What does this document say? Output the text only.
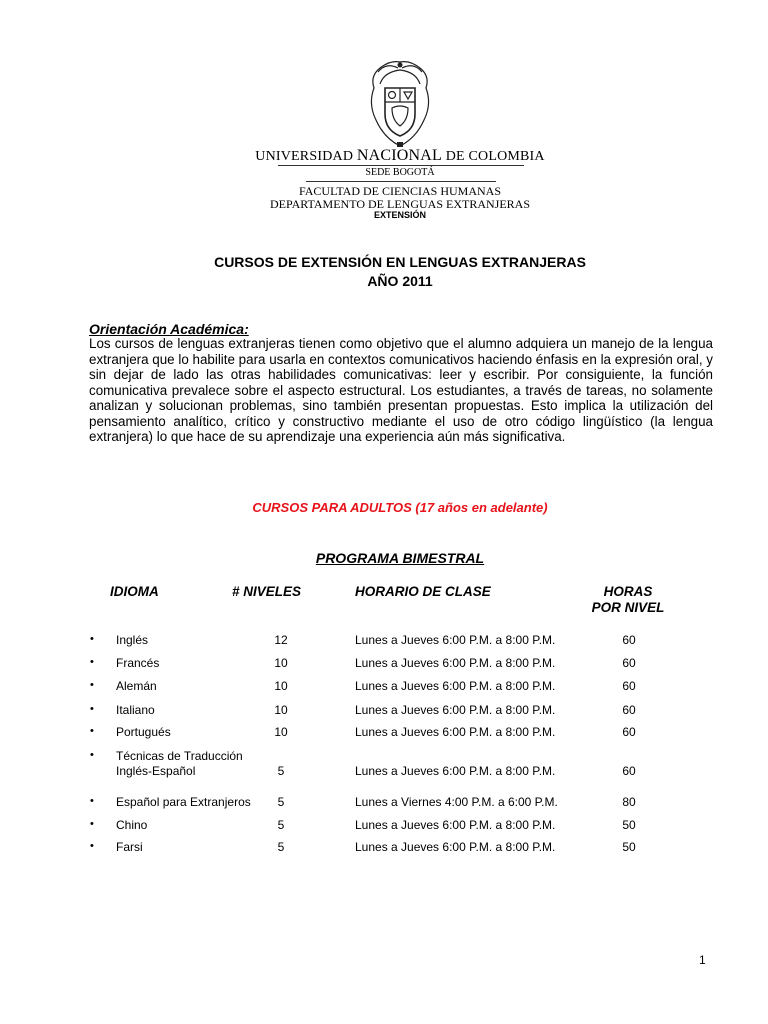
UNIVERSIDAD NACIONAL DE COLOMBIA
SEDE BOGOTÁ
FACULTAD DE CIENCIAS HUMANAS
DEPARTAMENTO DE LENGUAS EXTRANJERAS
EXTENSIÓN
CURSOS DE EXTENSIÓN EN LENGUAS EXTRANJERAS
AÑO 2011
Orientación Académica:
Los cursos de lenguas extranjeras tienen como objetivo que el alumno adquiera un manejo de la lengua extranjera que lo habilite para usarla en contextos comunicativos haciendo énfasis en la expresión oral, y sin dejar de lado las otras habilidades comunicativas: leer y escribir. Por consiguiente, la función comunicativa prevalece sobre el aspecto estructural. Los estudiantes, a través de tareas, no solamente analizan y solucionan problemas, sino también presentan propuestas. Esto implica la utilización del pensamiento analítico, crítico y constructivo mediante el uso de otro código lingüístico (la lengua extranjera) lo que hace de su aprendizaje una experiencia aún más significativa.
CURSOS PARA ADULTOS (17 años en adelante)
PROGRAMA BIMESTRAL
IDIOMA	# NIVELES	HORARIO DE CLASE	HORAS
POR NIVEL
• Inglés	12	Lunes a Jueves 6:00 P.M. a 8:00 P.M.	60
• Francés	10	Lunes a Jueves 6:00 P.M. a 8:00 P.M.	60
• Alemán	10	Lunes a Jueves 6:00 P.M. a 8:00 P.M.	60
• Italiano	10	Lunes a Jueves 6:00 P.M. a 8:00 P.M.	60
• Portugués	10	Lunes a Jueves 6:00 P.M. a 8:00 P.M.	60
• Técnicas de Traducción
Inglés-Español	5	Lunes a Jueves 6:00 P.M. a 8:00 P.M.	60
• Español para Extranjeros	5	Lunes a Viernes 4:00 P.M. a 6:00 P.M.	80
• Chino	5	Lunes a Jueves 6:00 P.M. a 8:00 P.M.	50
• Farsi	5	Lunes a Jueves 6:00 P.M. a 8:00 P.M.	50
1
